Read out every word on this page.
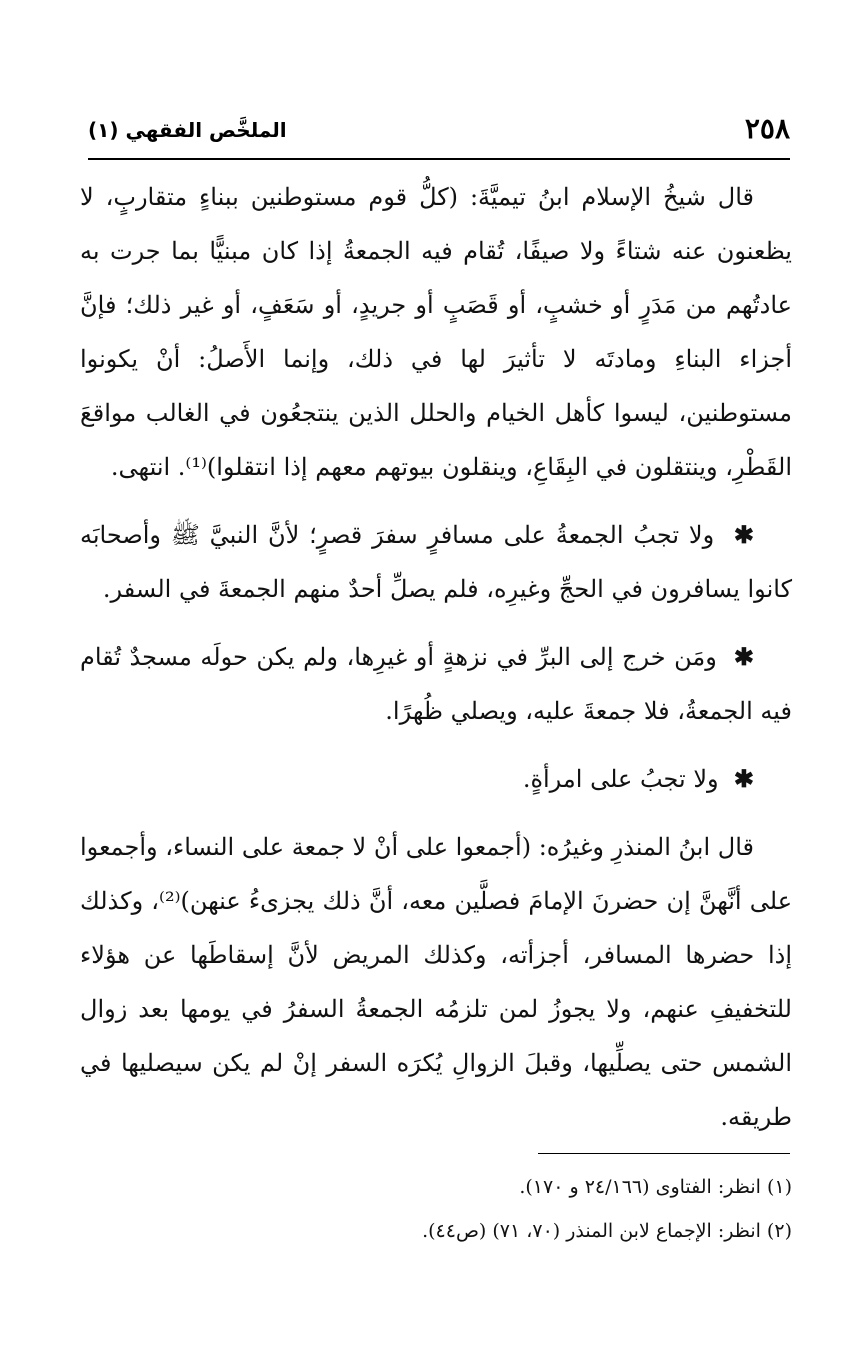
٢٥٨
الملخَّص الفقهي (١)

قال شيخُ الإسلام ابنُ تيميَّةَ: (كلُّ قوم مستوطنين ببناءٍ متقاربٍ، لا يظعنون عنه شتاءً ولا صيفًا، تُقام فيه الجمعةُ إذا كان مبنيًّا بما جرت به عادتُهم من مَدَرٍ أو خشبٍ، أو قَصَبٍ أو جريدٍ، أو سَعَفٍ، أو غير ذلك؛ فإنَّ أجزاء البناءِ ومادتَه لا تأثيرَ لها في ذلك، وإنما الأَصلُ: أنْ يكونوا مستوطنين، ليسوا كأهل الخيام والحلل الذين ينتجعُون في الغالب مواقعَ القَطْرِ، وينتقلون في البِقَاعِ، وينقلون بيوتهم معهم إذا انتقلوا)⁽¹⁾. انتهى.

✱  ولا تجبُ الجمعةُ على مسافرٍ سفرَ قصرٍ؛ لأنَّ النبيَّ ﷺ وأصحابَه كانوا يسافرون في الحجِّ وغيرِه، فلم يصلِّ أحدٌ منهم الجمعةَ في السفر.

✱  ومَن خرج إلى البرِّ في نزهةٍ أو غيرِها، ولم يكن حولَه مسجدٌ تُقام فيه الجمعةُ، فلا جمعةَ عليه، ويصلي ظُهرًا.

✱  ولا تجبُ على امرأةٍ.

قال ابنُ المنذرِ وغيرُه: (أجمعوا على أنْ لا جمعة على النساء، وأجمعوا على أنَّهنَّ إن حضرنَ الإمامَ فصلَّين معه، أنَّ ذلك يجزىءُ عنهن)⁽²⁾، وكذلك إذا حضرها المسافر، أجزأته، وكذلك المريض لأنَّ إسقاطَها عن هؤلاء للتخفيفِ عنهم، ولا يجوزُ لمن تلزمُه الجمعةُ السفرُ في يومها بعد زوال الشمس حتى يصلِّيها، وقبلَ الزوالِ يُكرَه السفر إنْ لم يكن سيصليها في طريقه.

(١) انظر: الفتاوى (٢٤/١٦٦ و ١٧٠).

(٢) انظر: الإجماع لابن المنذر (٧٠، ٧١) (ص٤٤).
